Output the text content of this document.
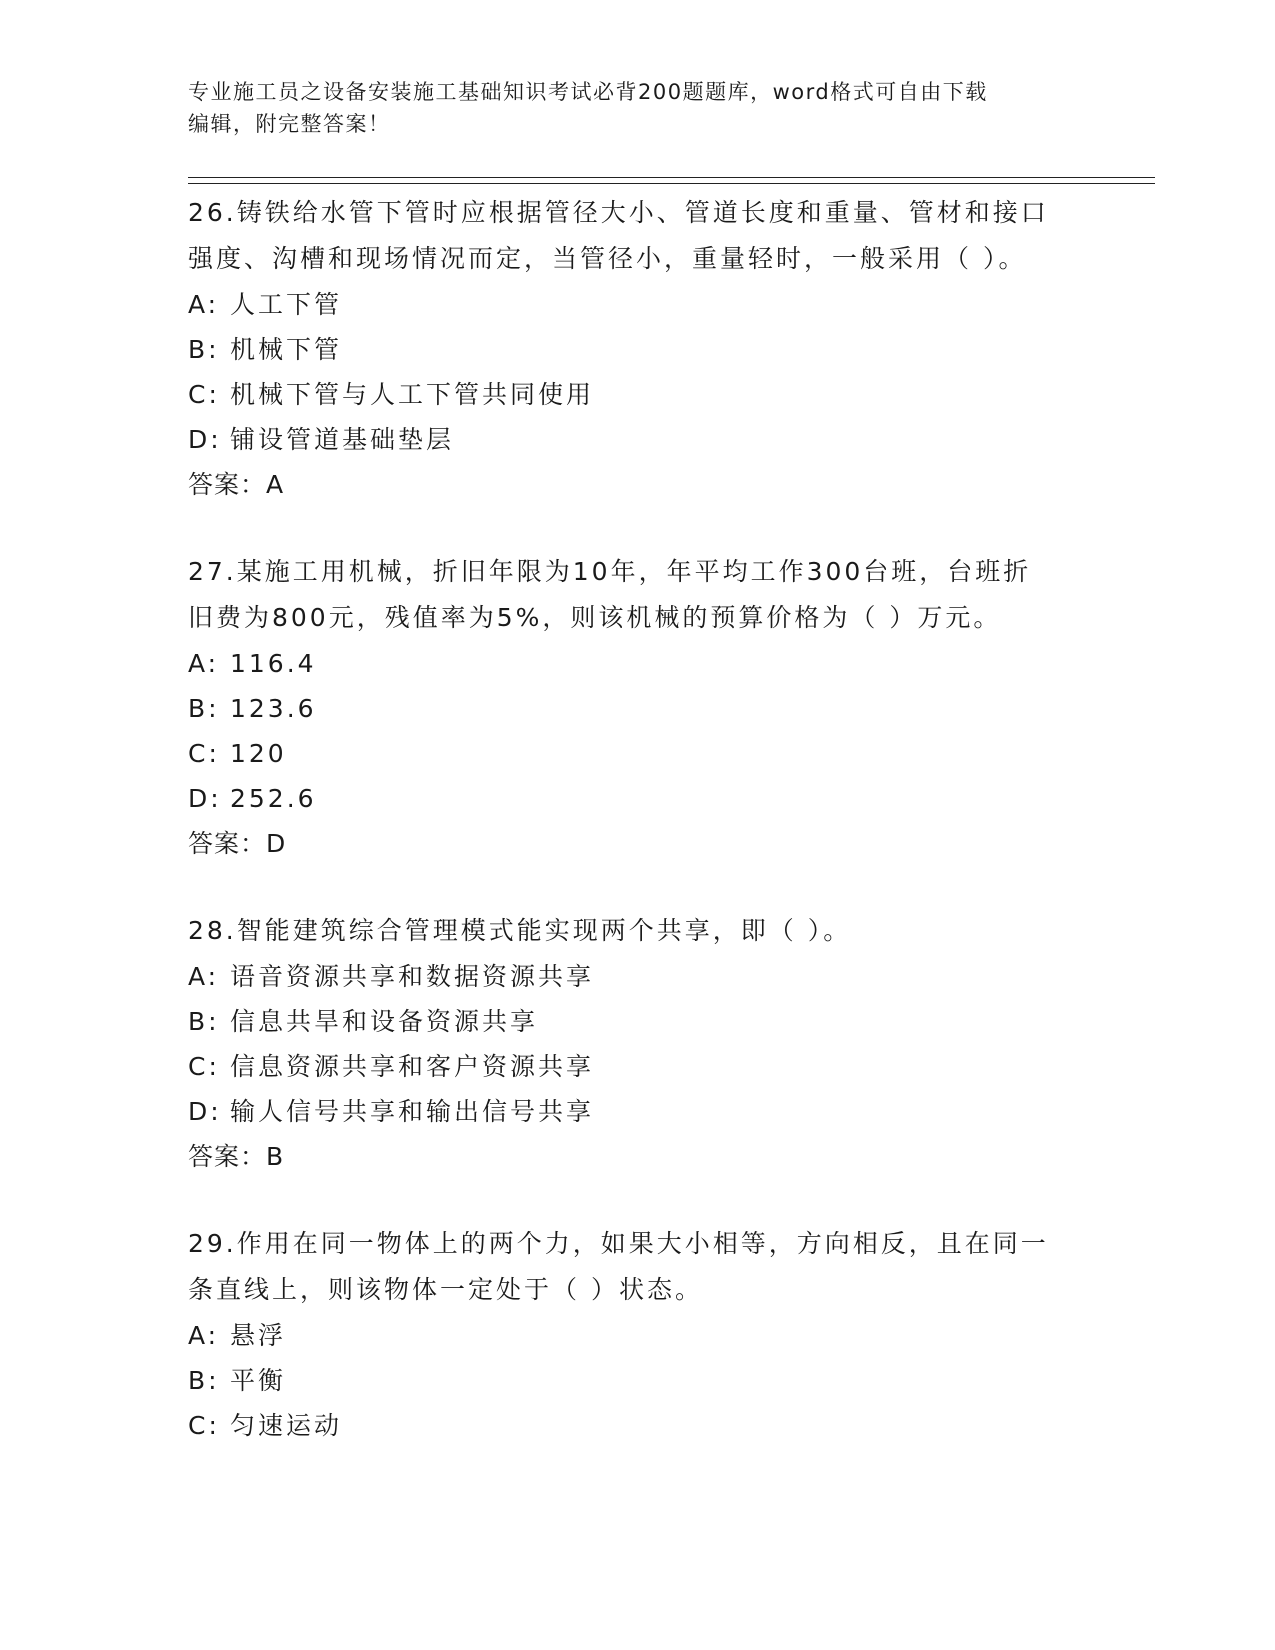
专业施工员之设备安装施工基础知识考试必背200题题库，word格式可自由下载
编辑，附完整答案！
26.铸铁给水管下管时应根据管径大小、管道长度和重量、管材和接口
强度、沟槽和现场情况而定，当管径小，重量轻时，一般采用（ ）。
A: 人工下管
B: 机械下管
C: 机械下管与人工下管共同使用
D: 铺设管道基础垫层
答案：A
27.某施工用机械，折旧年限为10年，年平均工作300台班，台班折
旧费为800元，残值率为5%，则该机械的预算价格为（ ）万元。
A: 116.4
B: 123.6
C: 120
D: 252.6
答案：D
28.智能建筑综合管理模式能实现两个共享，即（ ）。
A: 语音资源共享和数据资源共享
B: 信息共旱和设备资源共享
C: 信息资源共享和客户资源共享
D: 输人信号共享和输出信号共享
答案：B
29.作用在同一物体上的两个力，如果大小相等，方向相反，且在同一
条直线上，则该物体一定处于（ ）状态。
A: 悬浮
B: 平衡
C: 匀速运动
